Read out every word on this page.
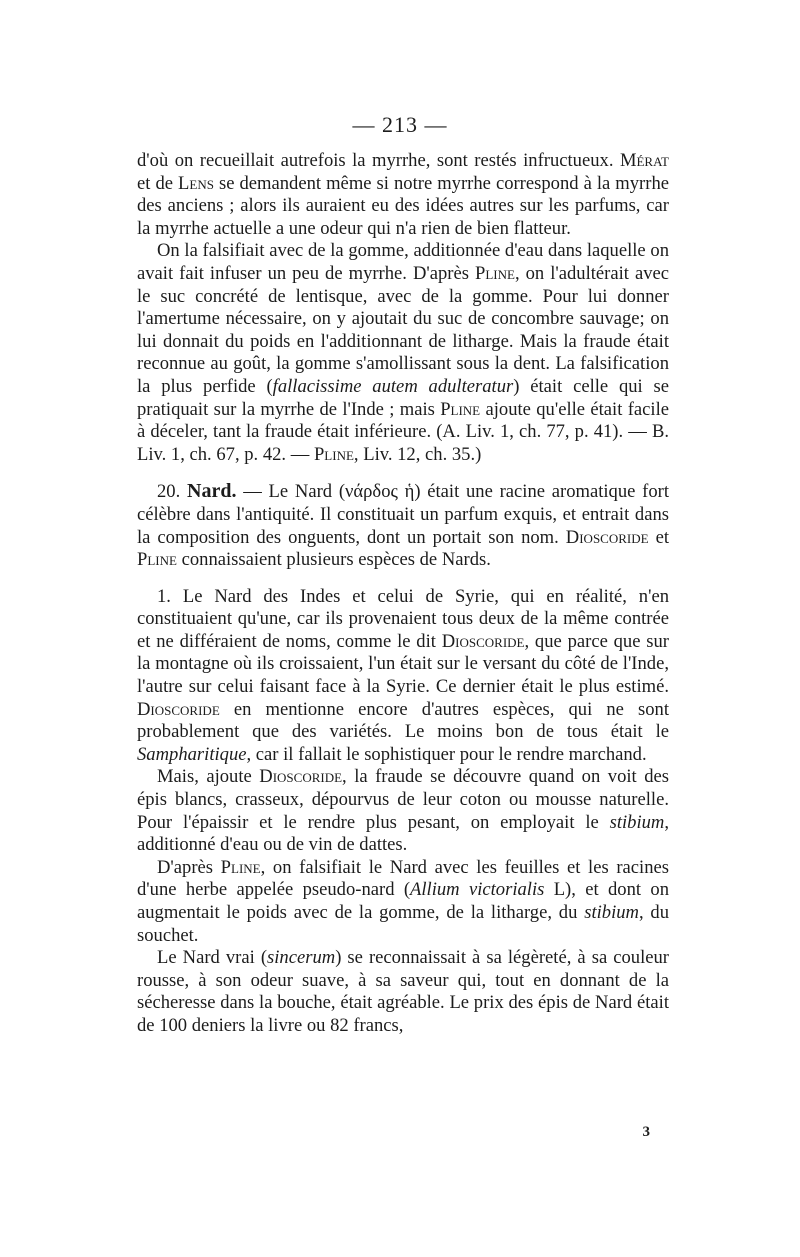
— 213 —

d'où on recueillait autrefois la myrrhe, sont restés infructueux. Mérat et de Lens se demandent même si notre myrrhe correspond à la myrrhe des anciens ; alors ils auraient eu des idées autres sur les parfums, car la myrrhe actuelle a une odeur qui n'a rien de bien flatteur.

On la falsifiait avec de la gomme, additionnée d'eau dans laquelle on avait fait infuser un peu de myrrhe. D'après Pline, on l'adultérait avec le suc concrété de lentisque, avec de la gomme. Pour lui donner l'amertume nécessaire, on y ajoutait du suc de concombre sauvage; on lui donnait du poids en l'additionnant de litharge. Mais la fraude était reconnue au goût, la gomme s'amollissant sous la dent. La falsification la plus perfide (fallacissime autem adulteratur) était celle qui se pratiquait sur la myrrhe de l'Inde ; mais Pline ajoute qu'elle était facile à déceler, tant la fraude était inférieure. (A. Liv. 1, ch. 77, p. 41). — B. Liv. 1, ch. 67, p. 42. — Pline, Liv. 12, ch. 35.)

20. Nard. — Le Nard (νάρδος ἡ) était une racine aromatique fort célèbre dans l'antiquité. Il constituait un parfum exquis, et entrait dans la composition des onguents, dont un portait son nom. Dioscoride et Pline connaissaient plusieurs espèces de Nards.

1. Le Nard des Indes et celui de Syrie, qui en réalité, n'en constituaient qu'une, car ils provenaient tous deux de la même contrée et ne différaient de noms, comme le dit Dioscoride, que parce que sur la montagne où ils croissaient, l'un était sur le versant du côté de l'Inde, l'autre sur celui faisant face à la Syrie. Ce dernier était le plus estimé. Dioscoride en mentionne encore d'autres espèces, qui ne sont probablement que des variétés. Le moins bon de tous était le Sampharitique, car il fallait le sophistiquer pour le rendre marchand.

Mais, ajoute Dioscoride, la fraude se découvre quand on voit des épis blancs, crasseux, dépourvus de leur coton ou mousse naturelle. Pour l'épaissir et le rendre plus pesant, on employait le stibium, additionné d'eau ou de vin de dattes.

D'après Pline, on falsifiait le Nard avec les feuilles et les racines d'une herbe appelée pseudo-nard (Allium victorialis L), et dont on augmentait le poids avec de la gomme, de la litharge, du stibium, du souchet.

Le Nard vrai (sincerum) se reconnaissait à sa légèreté, à sa couleur rousse, à son odeur suave, à sa saveur qui, tout en donnant de la sécheresse dans la bouche, était agréable. Le prix des épis de Nard était de 100 deniers la livre ou 82 francs,

3
